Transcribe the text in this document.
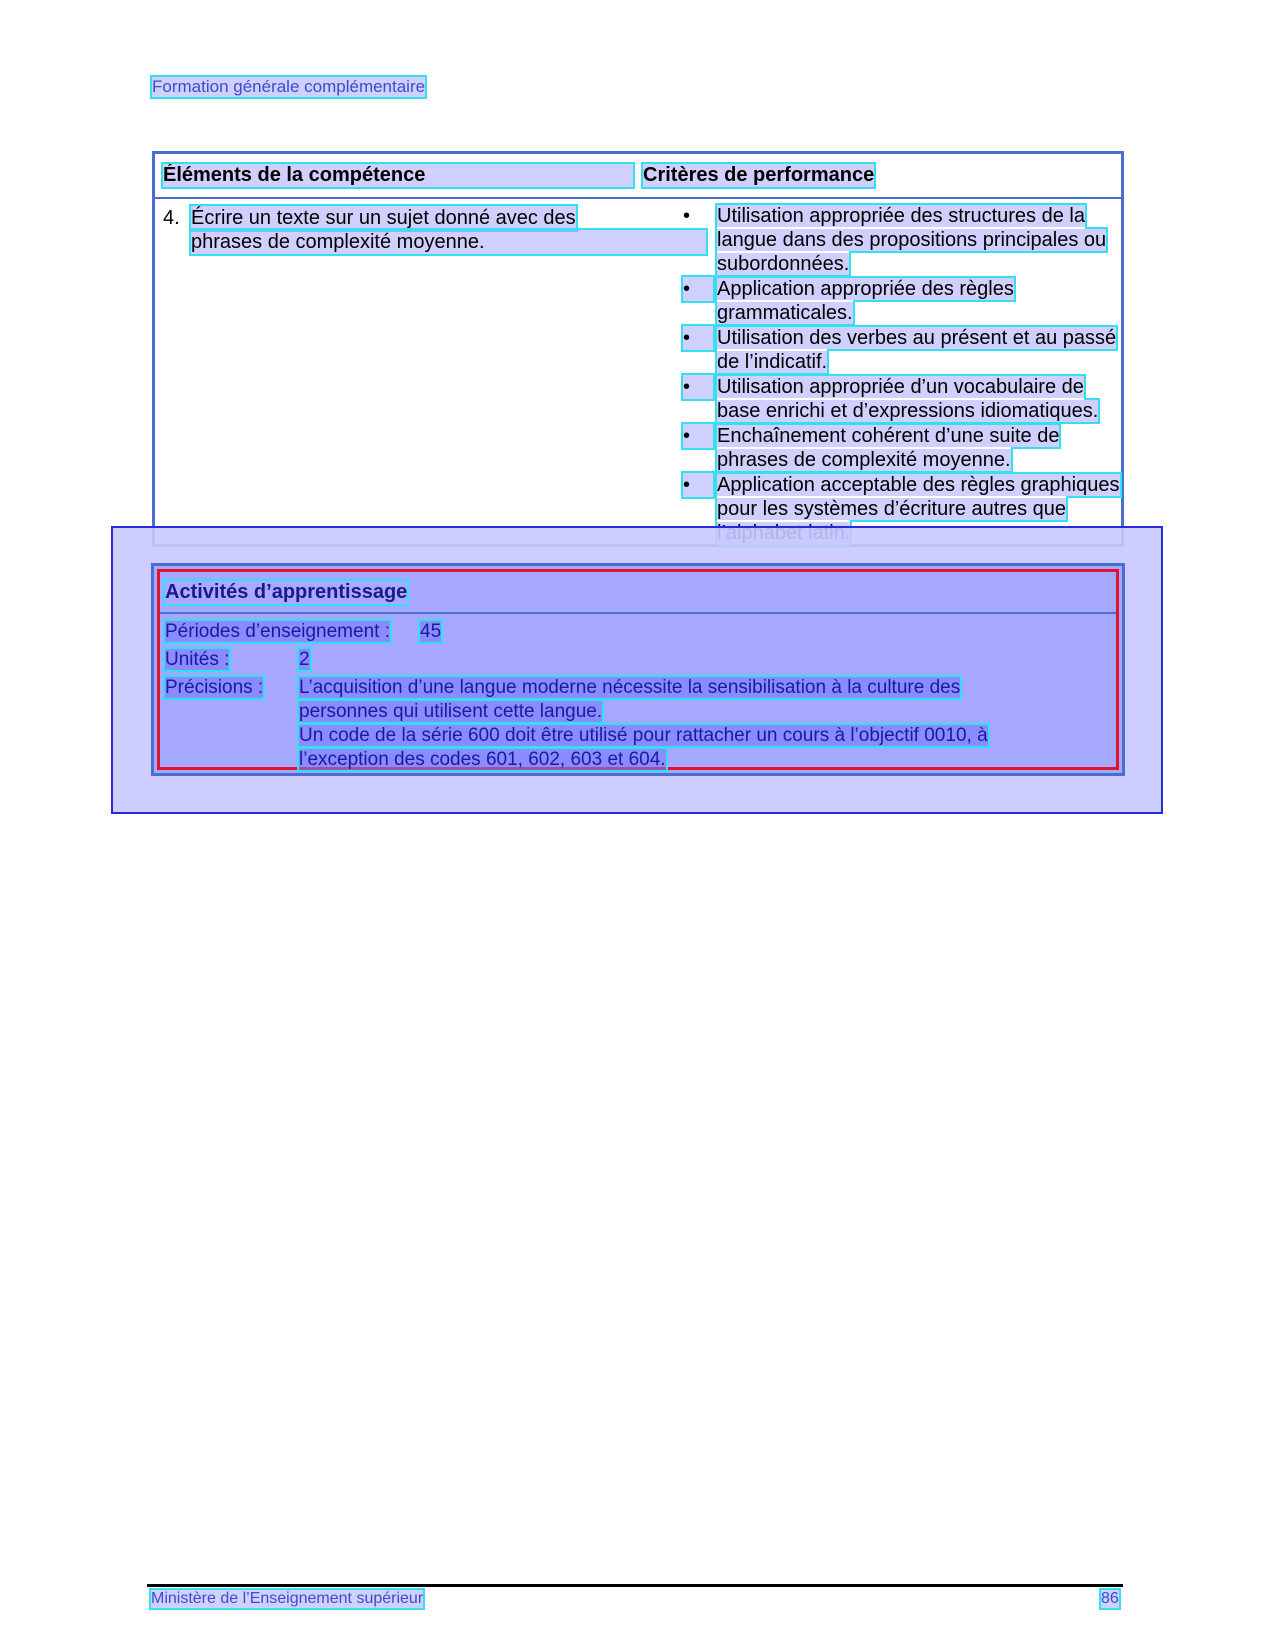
Formation générale complémentaire
Éléments de la compétence	Critères de performance
4. Écrire un texte sur un sujet donné avec des
phrases de complexité moyenne.
•	Utilisation appropriée des structures de la langue dans des propositions principales ou subordonnées.
•	Application appropriée des règles grammaticales.
•	Utilisation des verbes au présent et au passé de l’indicatif.
•	Utilisation appropriée d’un vocabulaire de base enrichi et d’expressions idiomatiques.
•	Enchaînement cohérent d’une suite de phrases de complexité moyenne.
•	Application acceptable des règles graphiques pour les systèmes d’écriture autres que
Activités d’apprentissage
Périodes d’enseignement : 45
Unités :	2
Précisions : L’acquisition d’une langue moderne nécessite la sensibilisation à la culture des
personnes qui utilisent cette langue.
Un code de la série 600 doit être utilisé pour rattacher un cours à l’objectif 0010, à
l’exception des codes 601, 602, 603 et 604.
Ministère de l’Enseignement supérieur	86
